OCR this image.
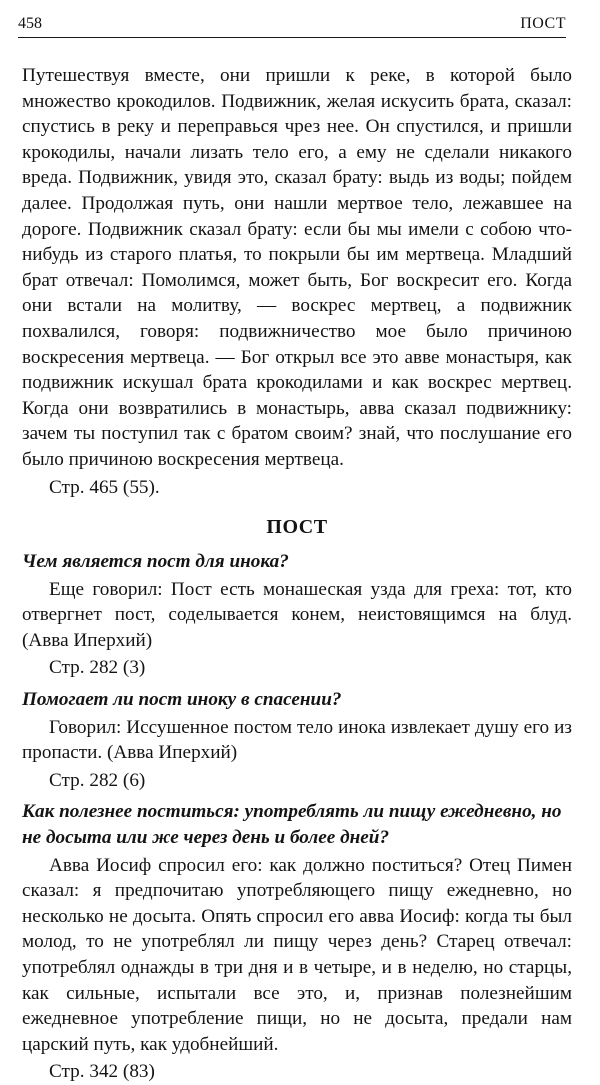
458	ПОСТ

Путешествуя вместе, они пришли к реке, в которой было множество крокодилов. Подвижник, желая искусить брата, сказал: спустись в реку и переправься чрез нее. Он спустился, и пришли крокодилы, начали лизать тело его, а ему не сделали никакого вреда. Подвижник, увидя это, сказал брату: выдь из воды; пойдем далее. Продолжая путь, они нашли мертвое тело, лежавшее на дороге. Подвижник сказал брату: если бы мы имели с собою что-нибудь из старого платья, то покрыли бы им мертвеца. Младший брат отвечал: Помолимся, может быть, Бог воскресит его. Когда они встали на молитву, — воскрес мертвец, а подвижник похвалился, говоря: подвижничество мое было причиною воскресения мертвеца. — Бог открыл все это авве монастыря, как подвижник искушал брата крокодилами и как воскрес мертвец. Когда они возвратились в монастырь, авва сказал подвижнику: зачем ты поступил так с братом своим? знай, что послушание его было причиною воскресения мертвеца.

Стр. 465 (55).

ПОСТ

Чем является пост для инока?

Еще говорил: Пост есть монашеская узда для греха: тот, кто отвергнет пост, соделывается конем, неистовящимся на блуд. (Авва Иперхий)

Стр. 282 (3)

Помогает ли пост иноку в спасении?

Говорил: Иссушенное постом тело инока извлекает душу его из пропасти. (Авва Иперхий)

Стр. 282 (6)

Как полезнее поститься: употреблять ли пищу ежедневно, но не досыта или же через день и более дней?

Авва Иосиф спросил его: как должно поститься? Отец Пимен сказал: я предпочитаю употребляющего пищу ежедневно, но несколько не досыта. Опять спросил его авва Иосиф: когда ты был молод, то не употреблял ли пищу через день? Старец отвечал: употреблял однажды в три дня и в четыре, и в неделю, но старцы, как сильные, испытали все это, и, признав полезнейшим ежедневное употребление пищи, но не досыта, предали нам царский путь, как удобнейший.

Стр. 342 (83)
